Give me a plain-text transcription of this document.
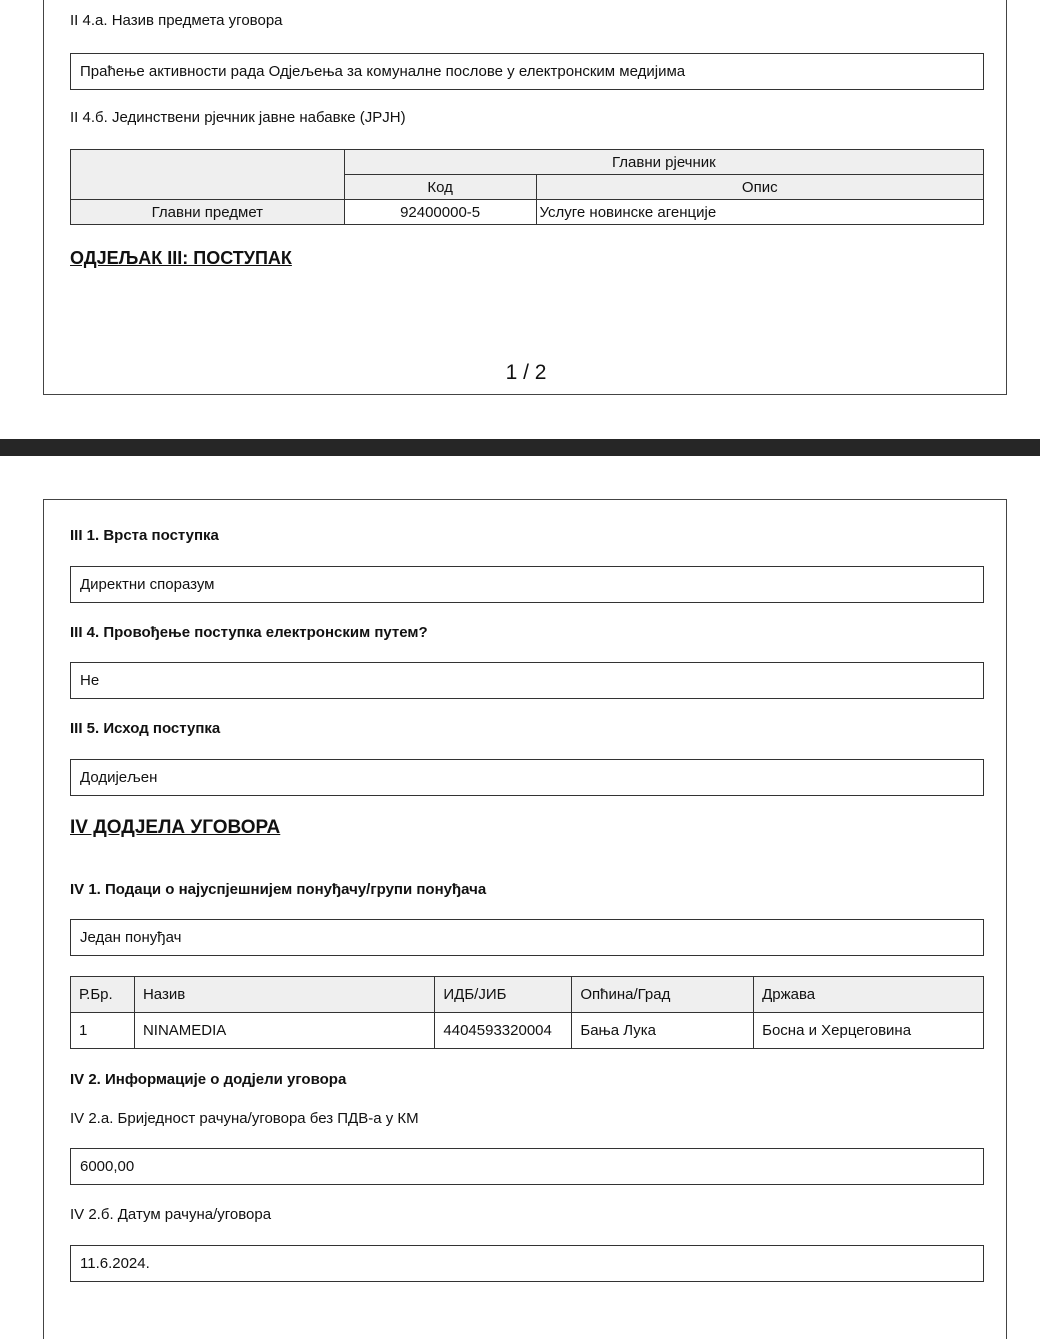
II 4.а. Назив предмета уговора
Праћење активности рада Одјељења за комуналне послове у електронским медијима
II 4.б. Јединствени рјечник јавне набавке (JPJH)
	Главни рјечник	
	Код	Опис
Главни предмет	92400000-5	Услуге новинске агенције
ОДЈЕЉАК III: ПОСТУПАК
1 / 2
III 1. Врста поступка
Директни споразум
III 4. Провођење поступка електронским путем?
Не
III 5. Исход поступка
Додијељен
IV ДОДЈЕЛА УГОВОРА
IV 1. Подаци о најуспјешнијем понуђачу/групи понуђача
Један понуђач
Р.Бр.	Назив	ИДБ/ЈИБ	Опћина/Град	Држава
1	NINAMEDIA	4404593320004	Бања Лука	Босна и Херцеговина
IV 2. Информације о додјели уговора
IV 2.а. Бриједност рачуна/уговора без ПДВ-а у КМ
6000,00
IV 2.б. Датум рачуна/уговора
11.6.2024.
